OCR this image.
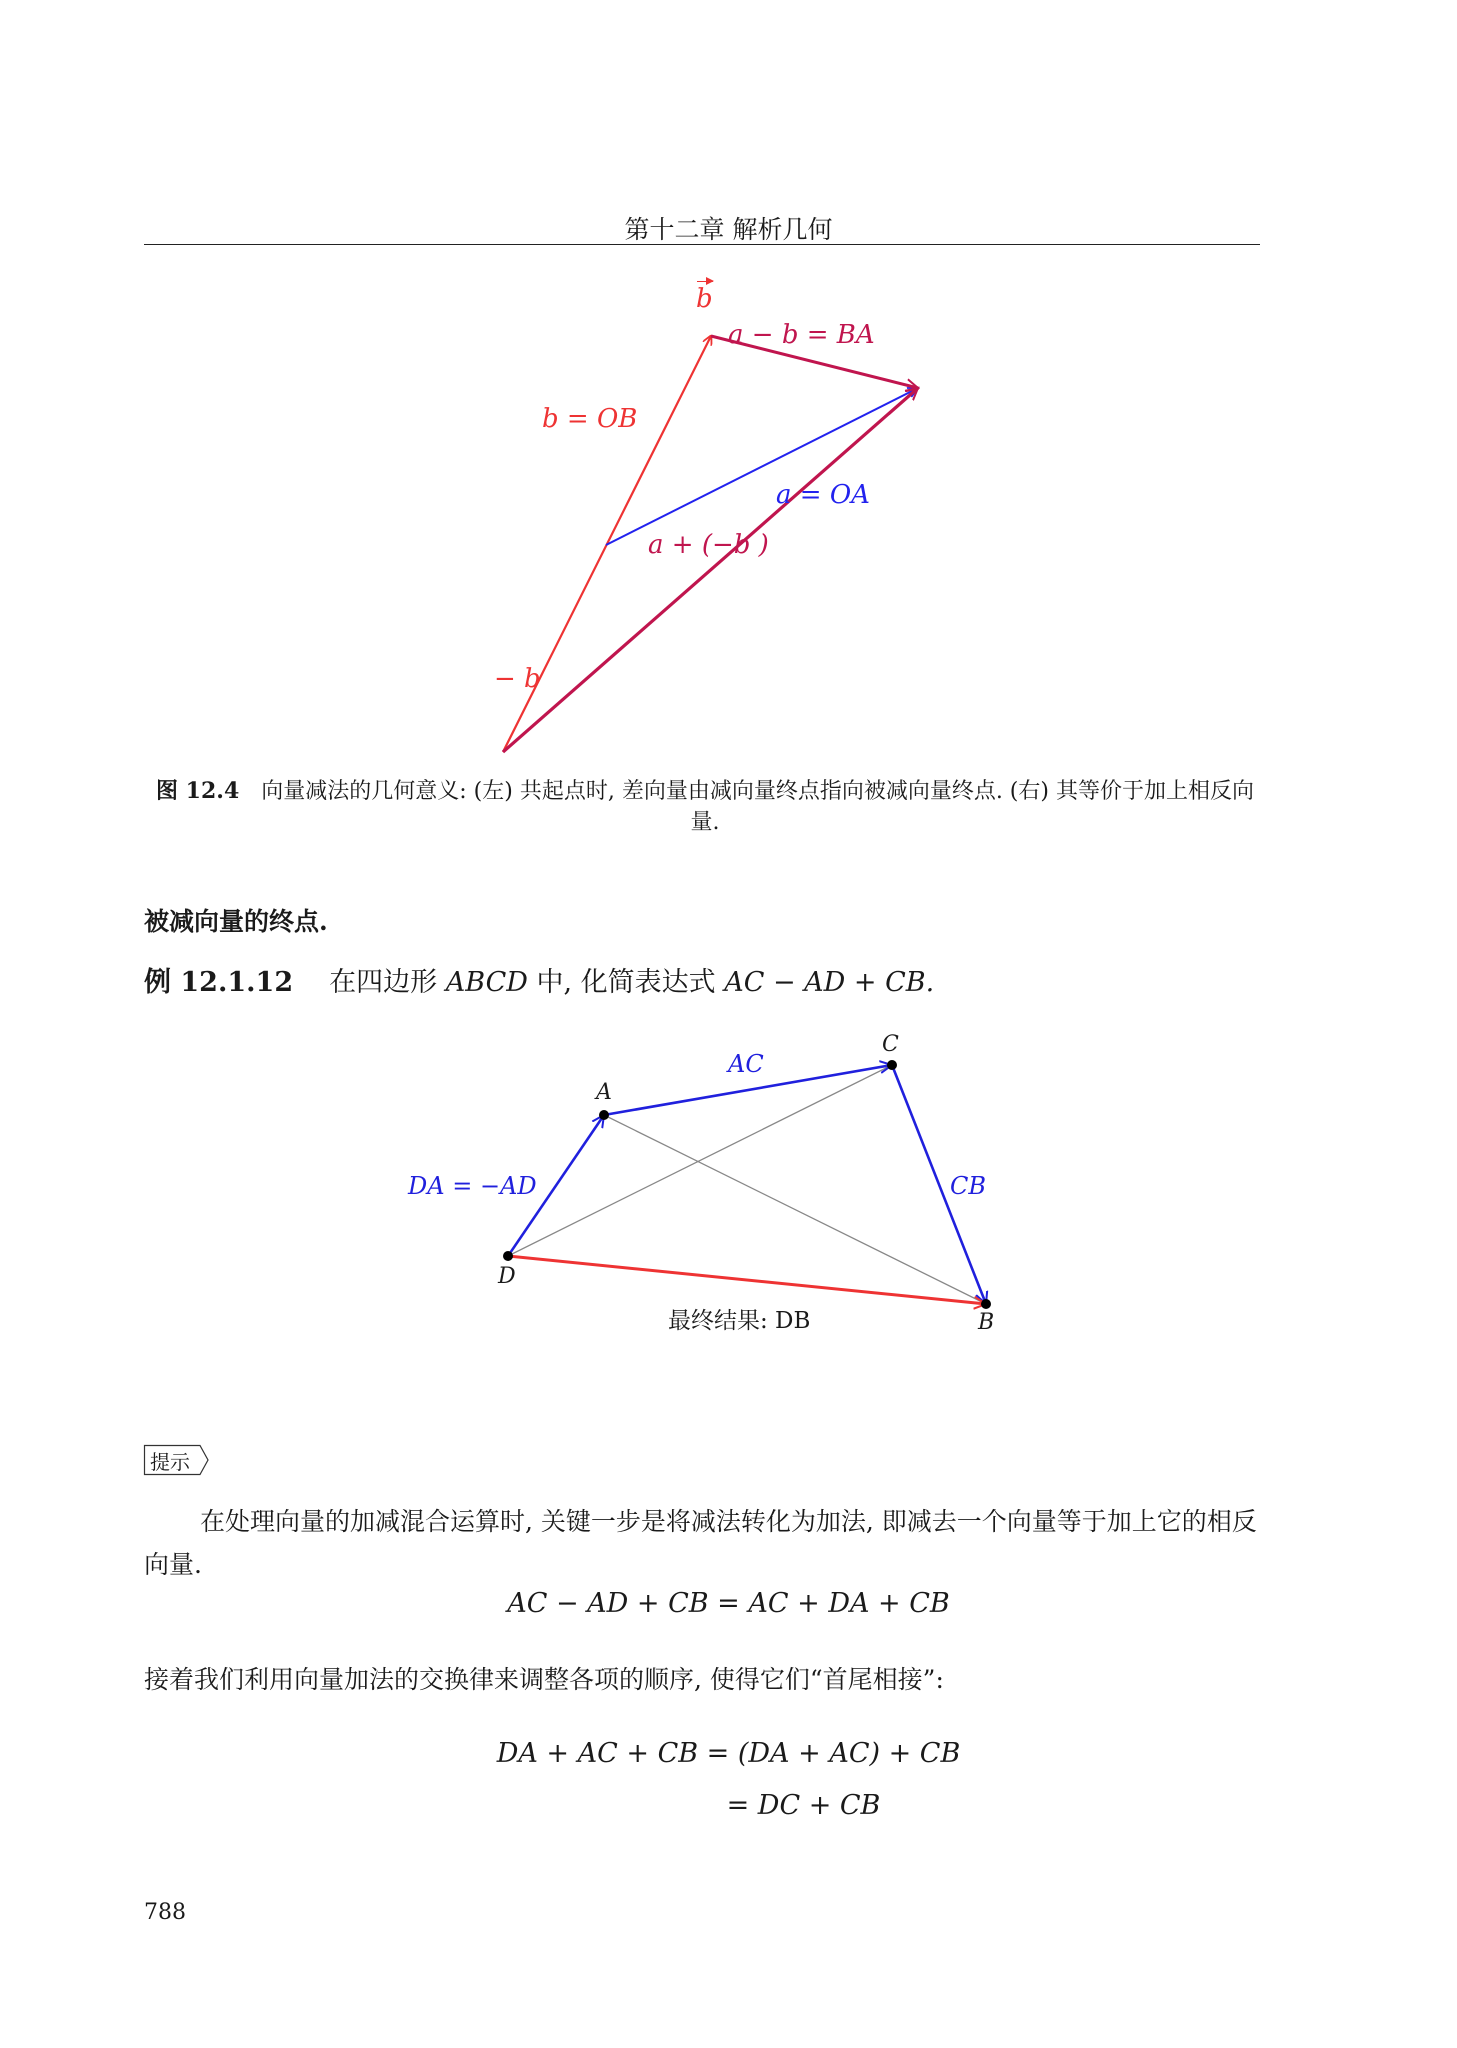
第十二章 解析几何
b
a − b = BA
b = OB
a = OA
a + (−b )
− b
图 12.4 向量减法的几何意义: (左) 共起点时, 差向量由减向量终点指向被减向量终点. (右) 其等价于加上相反向量.
被减向量的终点.
例 12.1.12 在四边形 ABCD 中, 化简表达式 AC − AD + CB.
A
C
D
B
AC
CB
DA = −AD
最终结果: DB
提示
在处理向量的加减混合运算时, 关键一步是将减法转化为加法, 即减去一个向量等于加上它的相反向量.
AC − AD + CB = AC + DA + CB
接着我们利用向量加法的交换律来调整各项的顺序, 使得它们“首尾相接”:
DA + AC + CB = (DA + AC) + CB
= DC + CB
788
